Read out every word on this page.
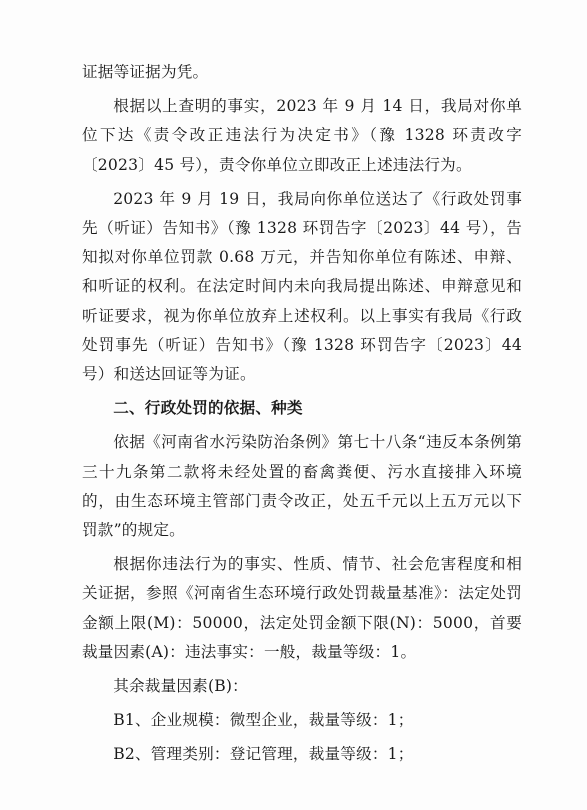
证据等证据为凭。

根据以上查明的事实，2023 年 9 月 14 日，我局对你单位下达《责令改正违法行为决定书》（豫 1328 环责改字〔2023〕45 号），责令你单位立即改正上述违法行为。

2023 年 9 月 19 日，我局向你单位送达了《行政处罚事先（听证）告知书》（豫 1328 环罚告字〔2023〕44 号），告知拟对你单位罚款 0.68 万元，并告知你单位有陈述、申辩、和听证的权利。在法定时间内未向我局提出陈述、申辩意见和听证要求，视为你单位放弃上述权利。以上事实有我局《行政处罚事先（听证）告知书》（豫 1328 环罚告字〔2023〕44 号）和送达回证等为证。

二、行政处罚的依据、种类

依据《河南省水污染防治条例》第七十八条“违反本条例第三十九条第二款将未经处置的畜禽粪便、污水直接排入环境的，由生态环境主管部门责令改正，处五千元以上五万元以下罚款”的规定。

根据你违法行为的事实、性质、情节、社会危害程度和相关证据，参照《河南省生态环境行政处罚裁量基准》：法定处罚金额上限(M)：50000，法定处罚金额下限(N)：5000，首要裁量因素(A)：违法事实：一般，裁量等级：1。

其余裁量因素(B)：

B1、企业规模：微型企业，裁量等级：1；

B2、管理类别：登记管理，裁量等级：1；
